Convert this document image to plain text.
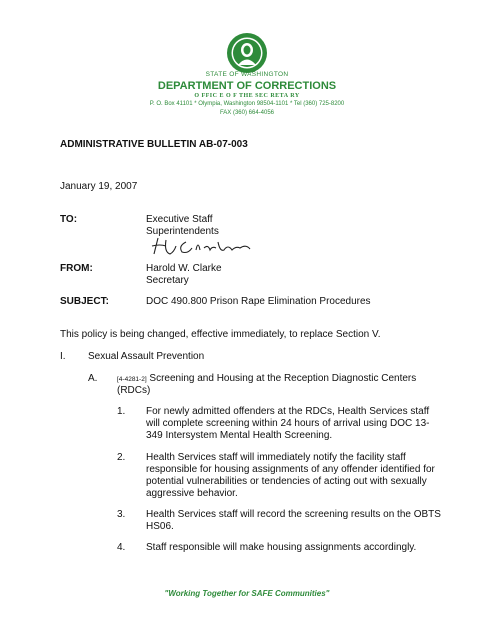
STATE OF WASHINGTON
DEPARTMENT OF CORRECTIONS
O FFIC E O F THE SEC RETA RY
P. O. Box 41101 * Olympia, Washington 98504-1101 * Tel (360) 725-8200
FAX (360) 664-4056
ADMINISTRATIVE BULLETIN AB-07-003
January 19, 2007
TO:	Executive Staff
Superintendents
FROM:	Harold W. Clarke
Secretary
SUBJECT:	DOC 490.800 Prison Rape Elimination Procedures
This policy is being changed, effective immediately, to replace Section V.
I. Sexual Assault Prevention
A.	[4-4281-2] Screening and Housing at the Reception Diagnostic Centers
(RDCs)
1. For newly admitted offenders at the RDCs, Health Services staff
will complete screening within 24 hours of arrival using DOC 13-
349 Intersystem Mental Health Screening.
2. Health Services staff will immediately notify the facility staff
responsible for housing assignments of any offender identified for
potential vulnerabilities or tendencies of acting out with sexually
aggressive behavior.
3. Health Services staff will record the screening results on the OBTS
HS06.
4. Staff responsible will make housing assignments accordingly.
"Working Together for SAFE Communities"
